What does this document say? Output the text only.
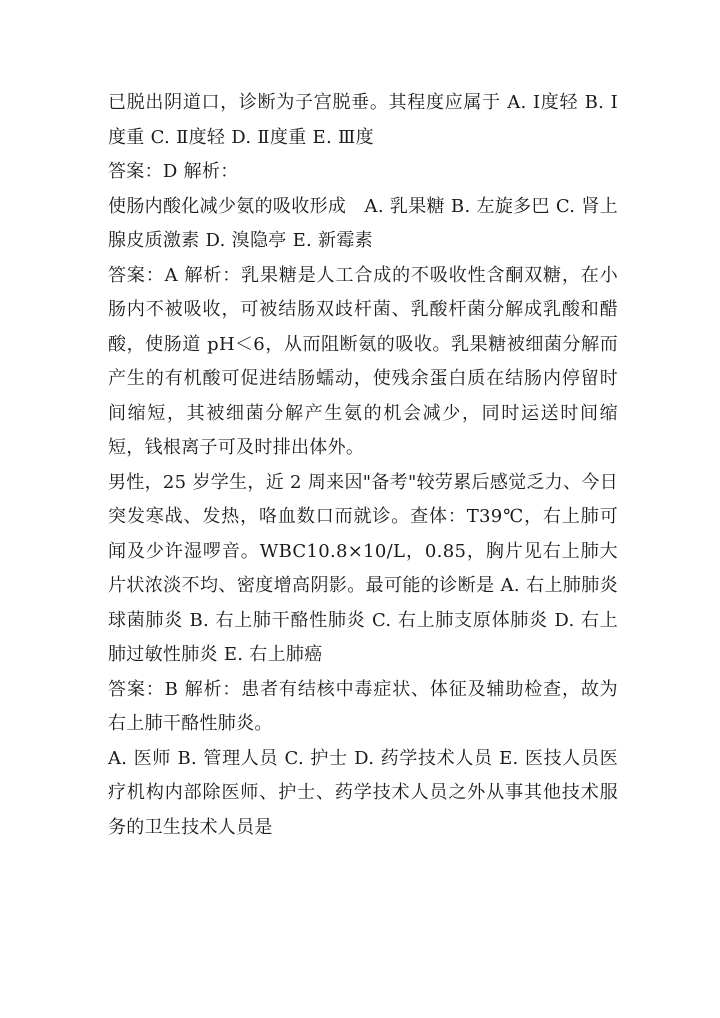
已脱出阴道口，诊断为子宫脱垂。其程度应属于 A. Ⅰ度轻 B. Ⅰ度重 C. Ⅱ度轻 D. Ⅱ度重 E. Ⅲ度

答案：D 解析：

使肠内酸化减少氨的吸收形成　A. 乳果糖 B. 左旋多巴 C. 肾上腺皮质激素 D. 溴隐亭 E. 新霉素

答案：A 解析：乳果糖是人工合成的不吸收性含酮双糖，在小肠内不被吸收，可被结肠双歧杆菌、乳酸杆菌分解成乳酸和醋酸，使肠道 pH＜6，从而阻断氨的吸收。乳果糖被细菌分解而产生的有机酸可促进结肠蠕动，使残余蛋白质在结肠内停留时间缩短，其被细菌分解产生氨的机会减少，同时运送时间缩短，钱根离子可及时排出体外。

男性，25 岁学生，近 2 周来因"备考"较劳累后感觉乏力、今日突发寒战、发热，咯血数口而就诊。查体：T39℃，右上肺可闻及少许湿啰音。WBC10.8×10/L，0.85，胸片见右上肺大片状浓淡不均、密度增高阴影。最可能的诊断是 A. 右上肺肺炎球菌肺炎 B. 右上肺干酪性肺炎 C. 右上肺支原体肺炎 D. 右上肺过敏性肺炎 E. 右上肺癌

答案：B 解析：患者有结核中毒症状、体征及辅助检查，故为右上肺干酪性肺炎。

A. 医师 B. 管理人员 C. 护士 D. 药学技术人员 E. 医技人员医疗机构内部除医师、护士、药学技术人员之外从事其他技术服务的卫生技术人员是
